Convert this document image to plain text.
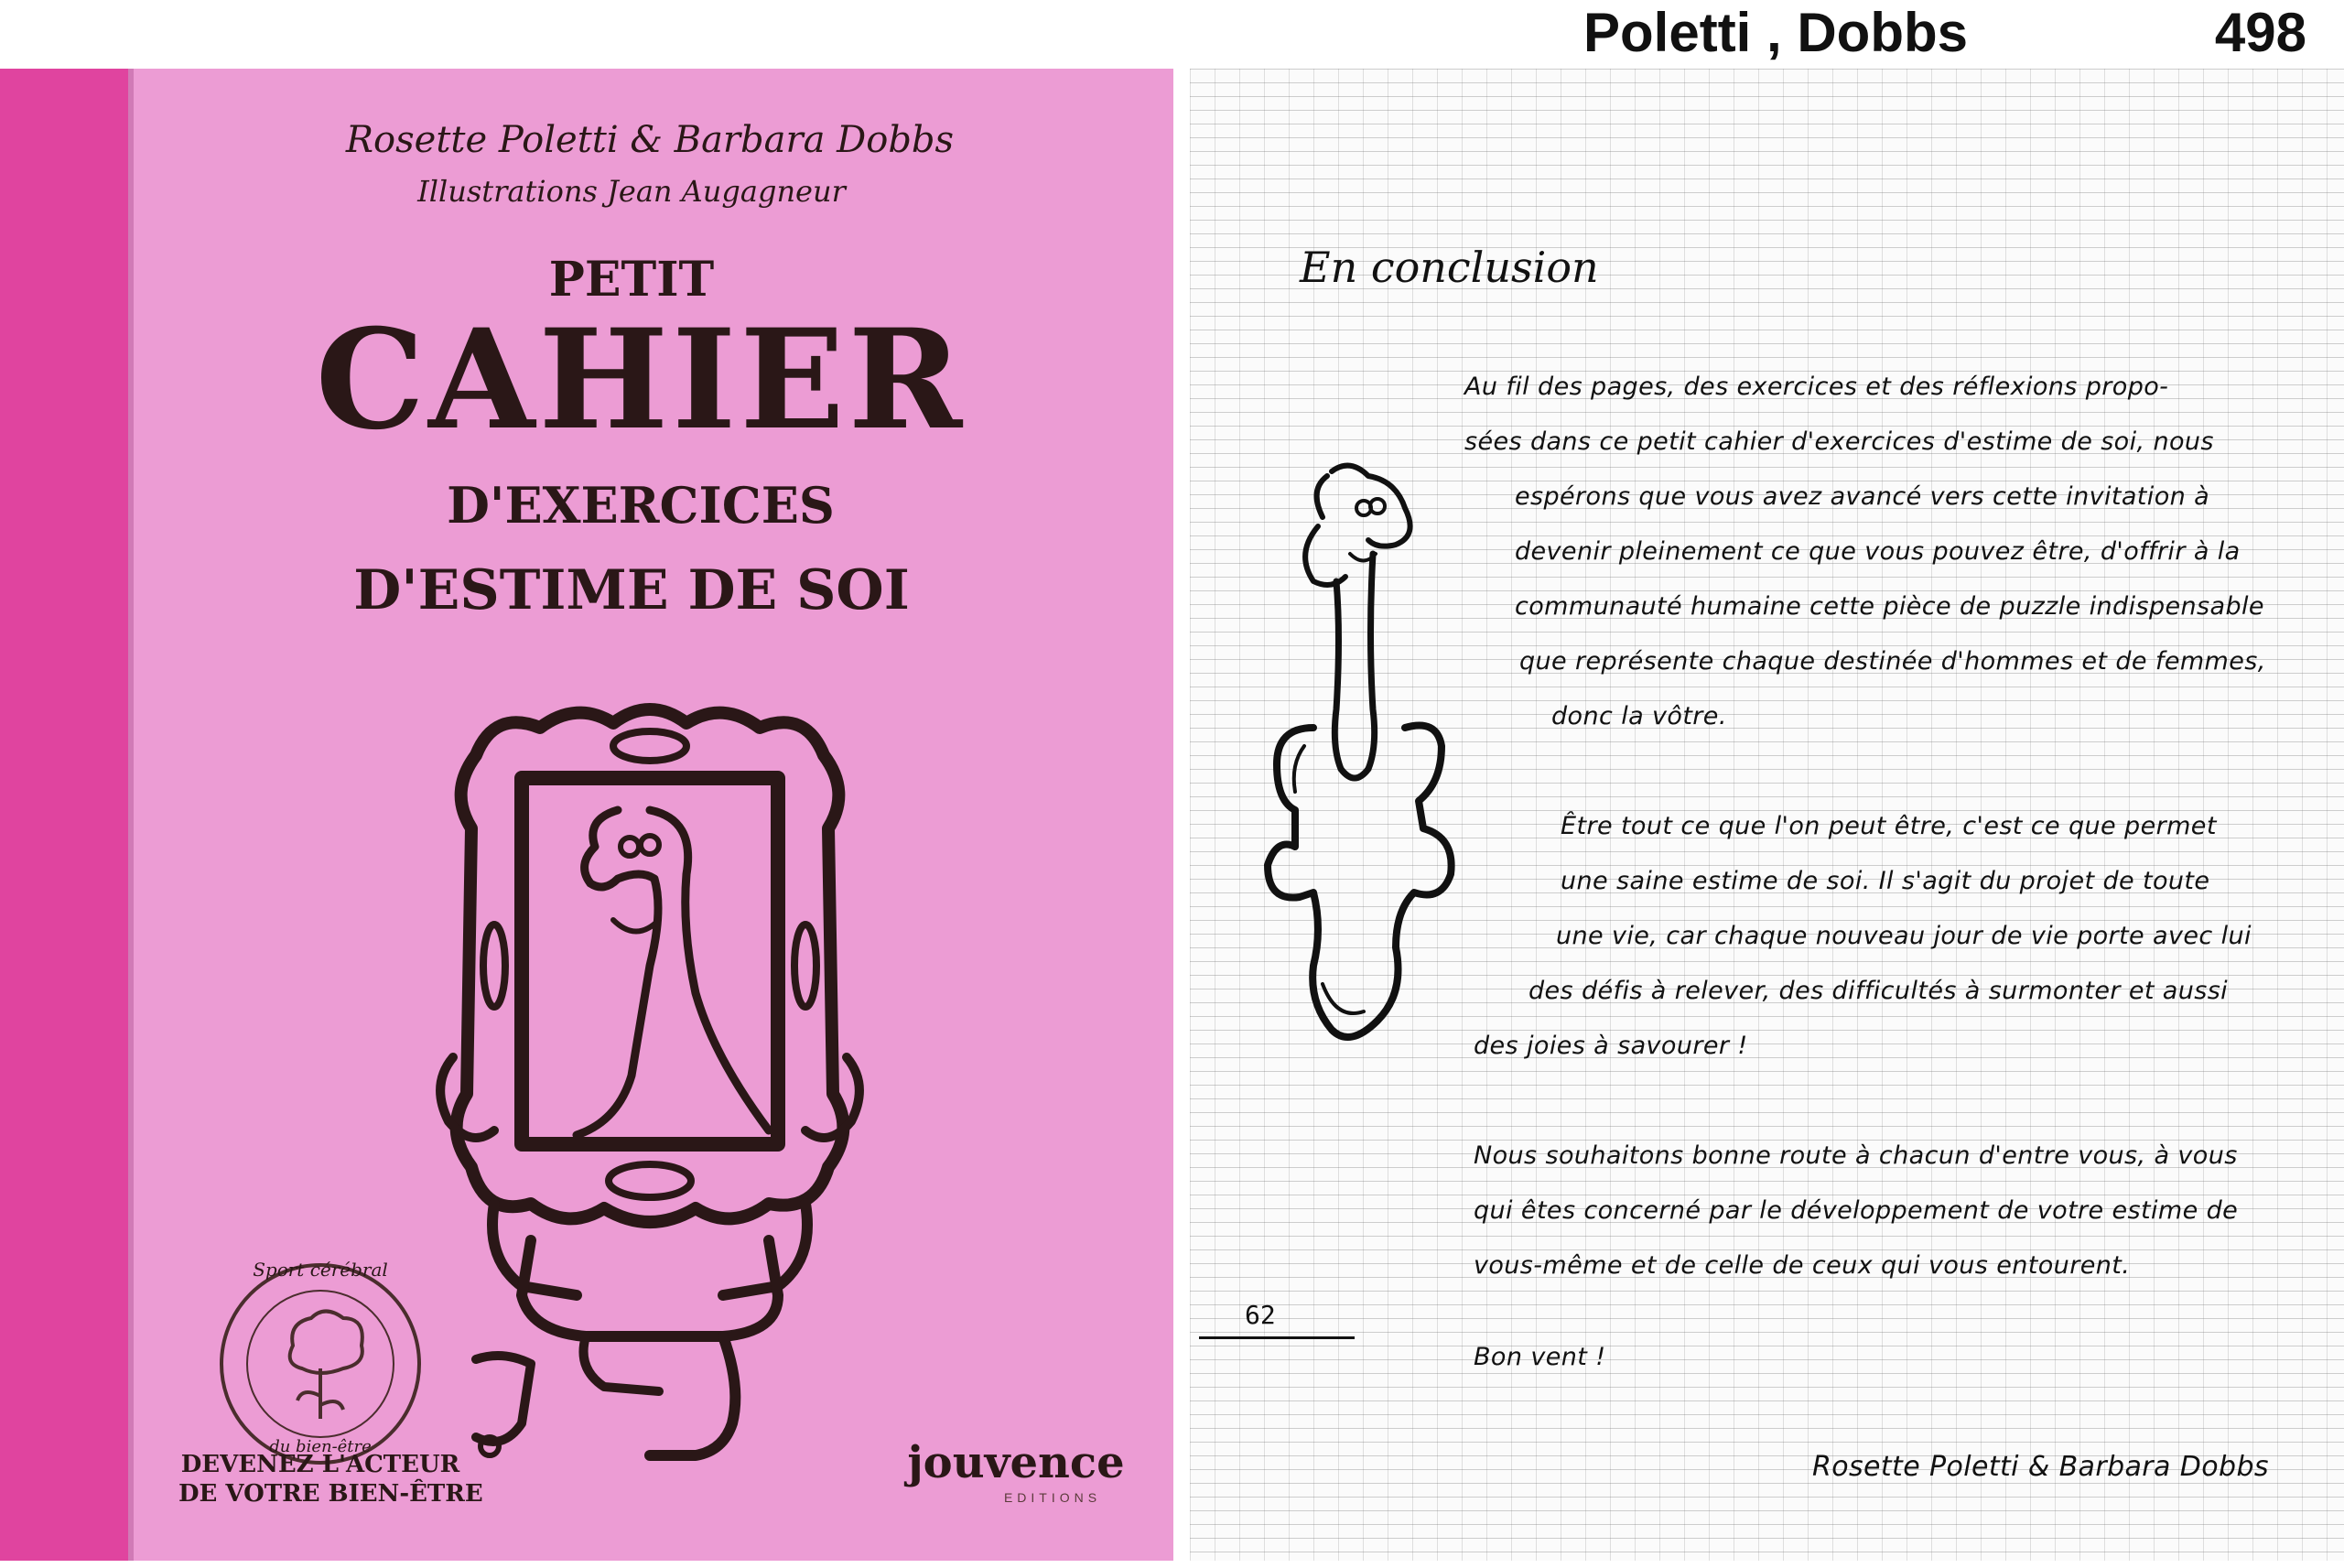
Poletti , Dobbs	498
Rosette Poletti & Barbara Dobbs
Illustrations Jean Augagneur
PETIT
CAHIER
D'EXERCICES
D'ESTIME DE SOI
Sport cérébral
du bien-être
DEVENEZ L'ACTEUR
DE VOTRE BIEN-ÊTRE
jouvence
EDITIONS
En conclusion
Au fil des pages, des exercices et des réflexions propo-
sées dans ce petit cahier d'exercices d'estime de soi, nous
espérons que vous avez avancé vers cette invitation à
devenir pleinement ce que vous pouvez être, d'offrir à la
communauté humaine cette pièce de puzzle indispensable
que représente chaque destinée d'hommes et de femmes,
donc la vôtre.
Être tout ce que l'on peut être, c'est ce que permet
une saine estime de soi. Il s'agit du projet de toute
une vie, car chaque nouveau jour de vie porte avec lui
des défis à relever, des difficultés à surmonter et aussi
des joies à savourer !
Nous souhaitons bonne route à chacun d'entre vous, à vous
qui êtes concerné par le développement de votre estime de
vous-même et de celle de ceux qui vous entourent.
Bon vent !
Rosette Poletti & Barbara Dobbs
62
